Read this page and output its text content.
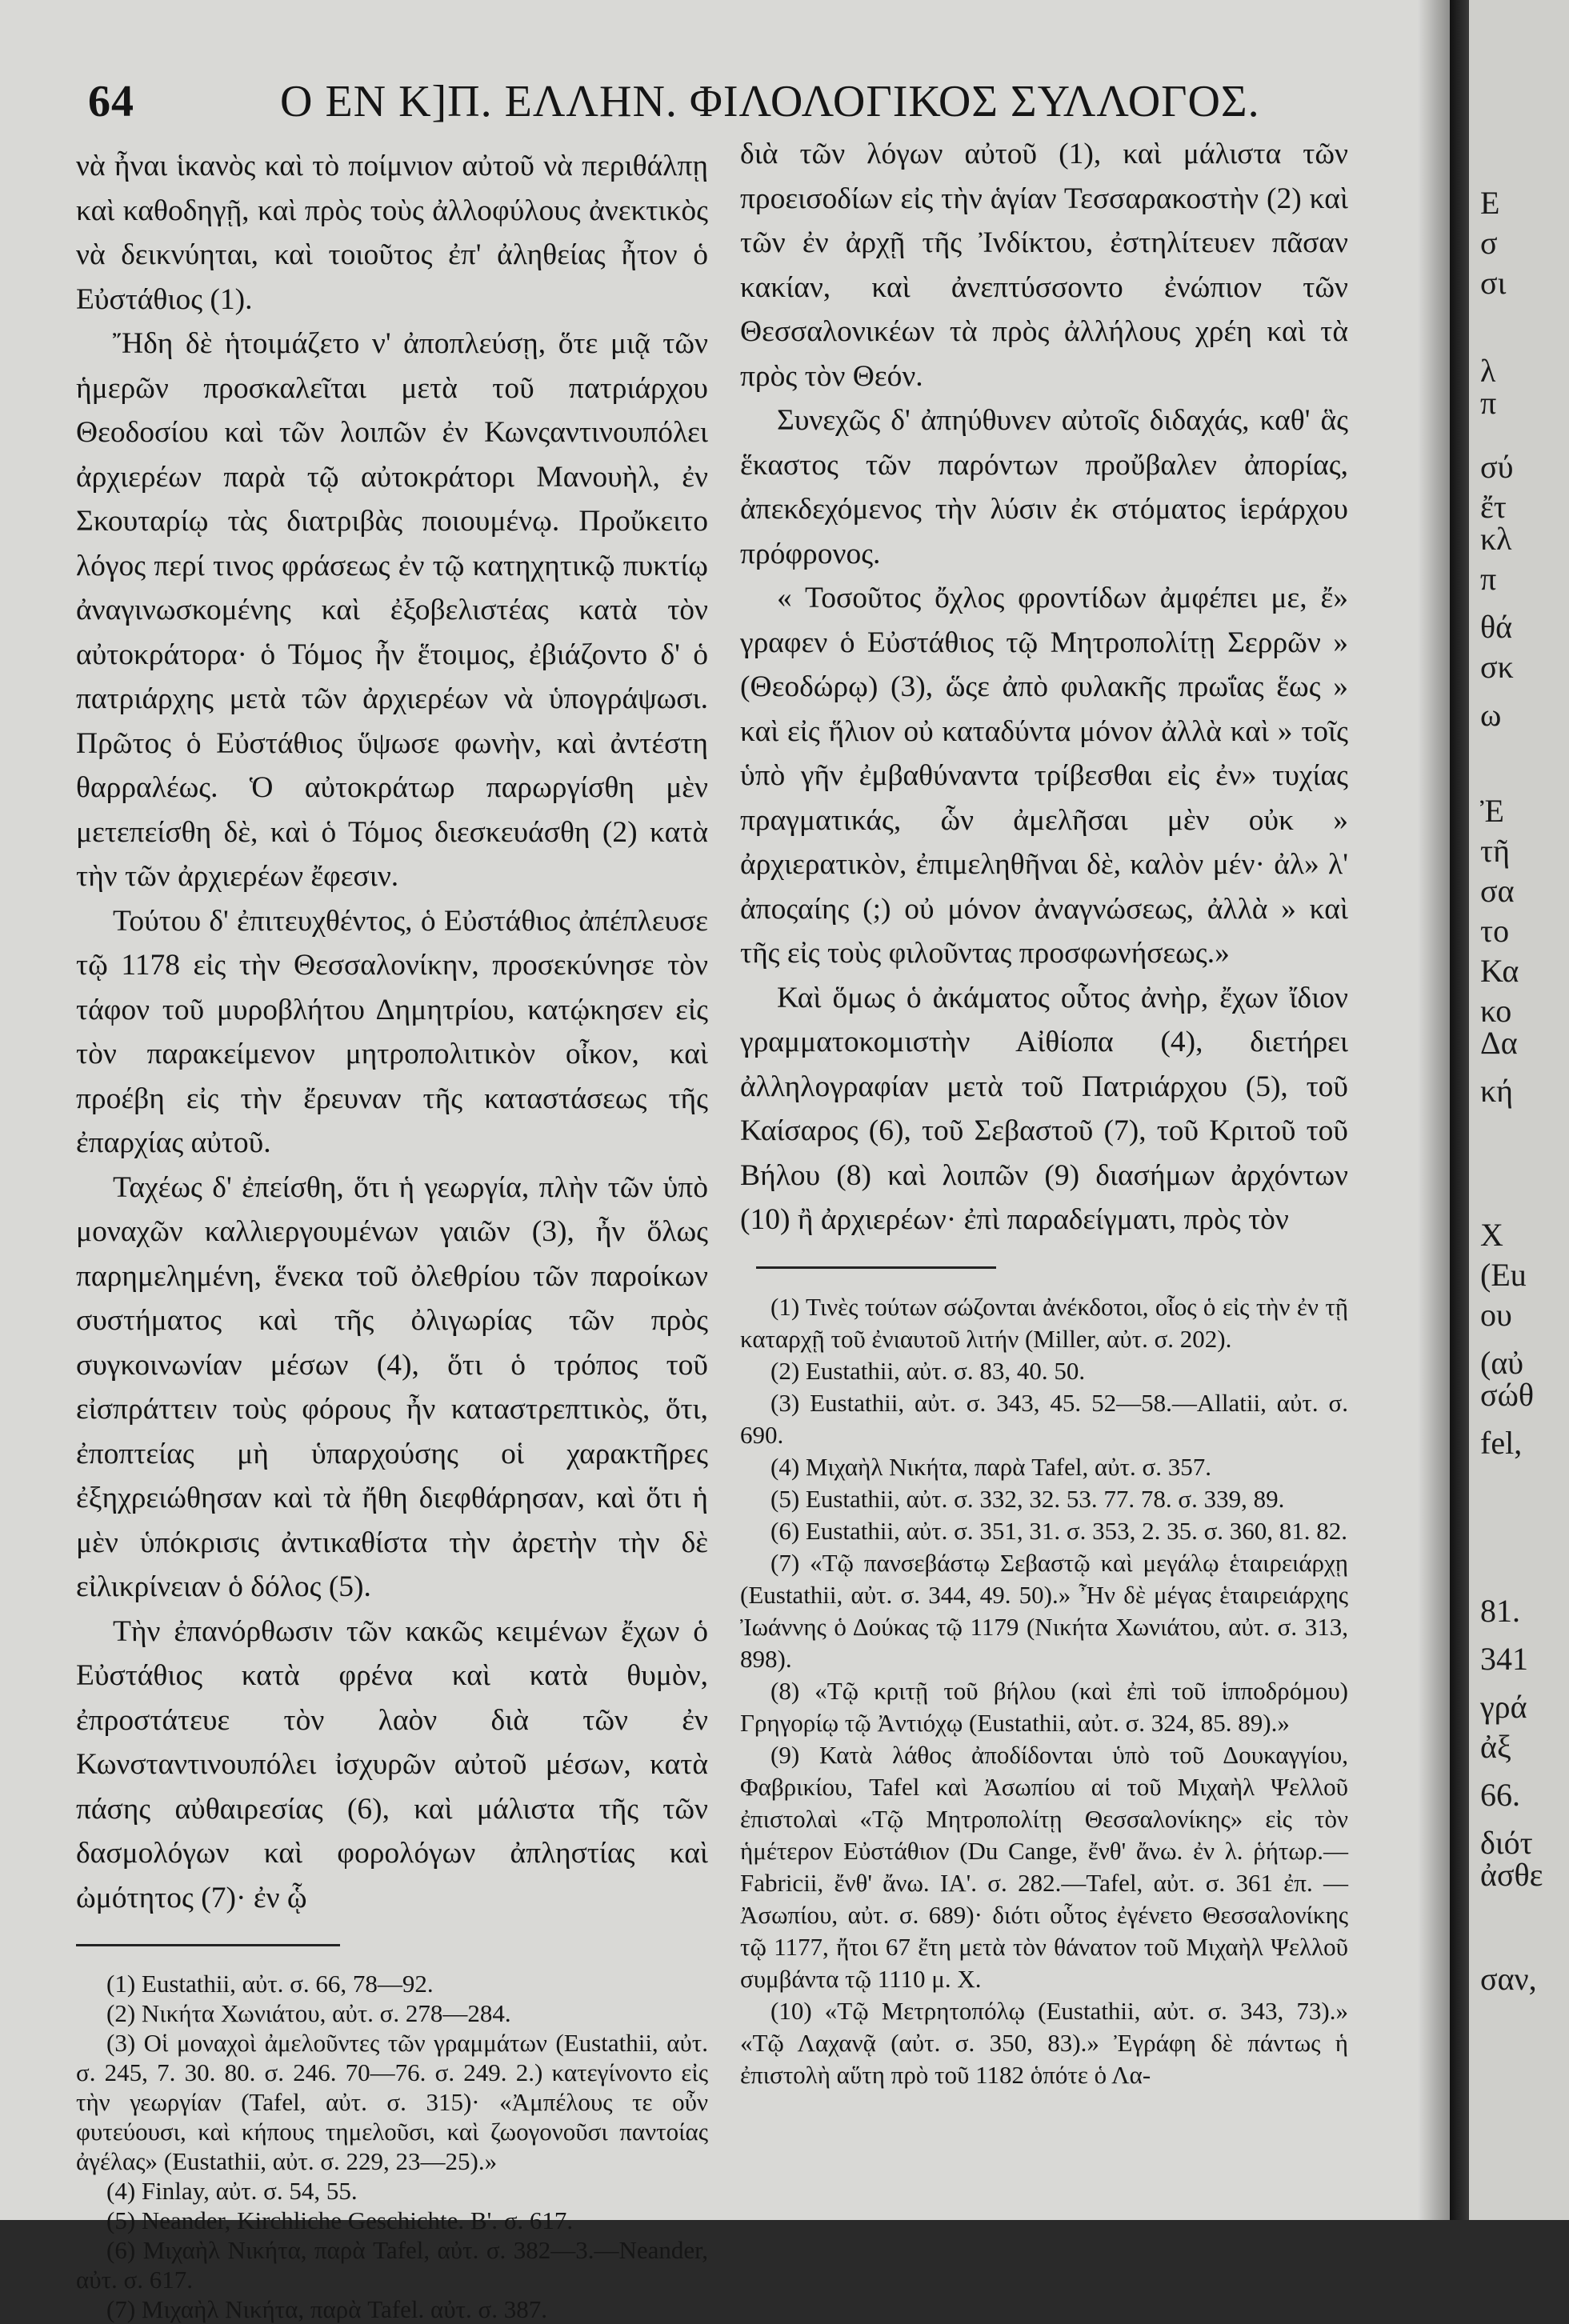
64	Ο ΕΝ Κ]Π. ΕΛΛΗΝ. ΦΙΛΟΛΟΓΙΚΟΣ ΣΥΛΛΟΓΟΣ.

νὰ ἦναι ἱκανὸς καὶ τὸ ποίμνιον αὐτοῦ νὰ περιθάλπῃ καὶ καθοδηγῇ, καὶ πρὸς τοὺς ἀλλοφύλους ἀνεκτικὸς νὰ δεικνύηται, καὶ τοιοῦτος ἐπ' ἀληθείας ἦτον ὁ Εὐστάθιος (1).

Ἤδη δὲ ἡτοιμάζετο ν' ἀποπλεύσῃ, ὅτε μιᾷ τῶν ἡμερῶν προσκαλεῖται μετὰ τοῦ πατριάρχου Θεοδοσίου καὶ τῶν λοιπῶν ἐν Κωνςαντινουπόλει ἀρχιερέων παρὰ τῷ αὐτοκράτορι Μανουὴλ, ἐν Σκουταρίῳ τὰς διατριβὰς ποιουμένῳ. Προὔκειτο λόγος περί τινος φράσεως ἐν τῷ κατηχητικῷ πυκτίῳ ἀναγινωσκομένης καὶ ἐξοβελιστέας κατὰ τὸν αὐτοκράτορα· ὁ Τόμος ἦν ἕτοιμος, ἐβιάζοντο δ' ὁ πατριάρχης μετὰ τῶν ἀρχιερέων νὰ ὑπογράψωσι. Πρῶτος ὁ Εὐστάθιος ὕψωσε φωνὴν, καὶ ἀντέστη θαρραλέως. Ὁ αὐτοκράτωρ παρωργίσθη μὲν μετεπείσθη δὲ, καὶ ὁ Τόμος διεσκευάσθη (2) κατὰ τὴν τῶν ἀρχιερέων ἔφεσιν.

Τούτου δ' ἐπιτευχθέντος, ὁ Εὐστάθιος ἀπέπλευσε τῷ 1178 εἰς τὴν Θεσσαλονίκην, προσεκύνησε τὸν τάφον τοῦ μυροβλήτου Δημητρίου, κατῴκησεν εἰς τὸν παρακείμενον μητροπολιτικὸν οἶκον, καὶ προέβη εἰς τὴν ἔρευναν τῆς καταστάσεως τῆς ἐπαρχίας αὐτοῦ.

Ταχέως δ' ἐπείσθη, ὅτι ἡ γεωργία, πλὴν τῶν ὑπὸ μοναχῶν καλλιεργουμένων γαιῶν (3), ἦν ὅλως παρημελημένη, ἕνεκα τοῦ ὀλεθρίου τῶν παροίκων συστήματος καὶ τῆς ὀλιγωρίας τῶν πρὸς συγκοινωνίαν μέσων (4), ὅτι ὁ τρόπος τοῦ εἰσπράττειν τοὺς φόρους ἦν καταστρεπτικὸς, ὅτι, ἐποπτείας μὴ ὑπαρχούσης οἱ χαρακτῆρες ἐξηχρειώθησαν καὶ τὰ ἤθη διεφθάρησαν, καὶ ὅτι ἡ μὲν ὑπόκρισις ἀντικαθίστα τὴν ἀρετὴν τὴν δὲ εἰλικρίνειαν ὁ δόλος (5).

Τὴν ἐπανόρθωσιν τῶν κακῶς κειμένων ἔχων ὁ Εὐστάθιος κατὰ φρένα καὶ κατὰ θυμὸν, ἐπροστάτευε τὸν λαὸν διὰ τῶν ἐν Κωνσταντινουπόλει ἰσχυρῶν αὐτοῦ μέσων, κατὰ πάσης αὐθαιρεσίας (6), καὶ μάλιστα τῆς τῶν δασμολόγων καὶ φορολόγων ἀπληστίας καὶ ὠμότητος (7)· ἐν ᾧ

(1) Eustathii, αὐτ. σ. 66, 78—92.

(2) Νικήτα Χωνιάτου, αὐτ. σ. 278—284.

(3) Οἱ μοναχοὶ ἀμελοῦντες τῶν γραμμάτων (Eustathii, αὐτ. σ. 245, 7. 30. 80. σ. 246. 70—76. σ. 249. 2.) κατεγίνοντο εἰς τὴν γεωργίαν (Tafel, αὐτ. σ. 315)· «Ἀμπέλους τε οὖν φυτεύουσι, καὶ κήπους τημελοῦσι, καὶ ζωογονοῦσι παντοίας ἀγέλας» (Eustathii, αὐτ. σ. 229, 23—25).»

(4) Finlay, αὐτ. σ. 54, 55.

(5) Neander, Kirchliche Geschichte. Β'. σ. 617.

(6) Μιχαὴλ Νικήτα, παρὰ Tafel, αὐτ. σ. 382—3.—Neander, αὐτ. σ. 617.

(7) Μιχαὴλ Νικήτα, παρὰ Tafel. αὐτ. σ. 387.

διὰ τῶν λόγων αὐτοῦ (1), καὶ μάλιστα τῶν προεισοδίων εἰς τὴν ἁγίαν Τεσσαρακοστὴν (2) καὶ τῶν ἐν ἀρχῇ τῆς Ἰνδίκτου, ἐστηλίτευεν πᾶσαν κακίαν, καὶ ἀνεπτύσσοντο ἐνώπιον τῶν Θεσσαλονικέων τὰ πρὸς ἀλλήλους χρέη καὶ τὰ πρὸς τὸν Θεόν.

Συνεχῶς δ' ἀπηύθυνεν αὐτοῖς διδαχάς, καθ' ἃς ἕκαστος τῶν παρόντων προὔβαλεν ἀπορίας, ἀπεκδεχόμενος τὴν λύσιν ἐκ στόματος ἱεράρχου πρόφρονος.

« Τοσοῦτος ὄχλος φροντίδων ἀμφέπει με, ἔ» γραφεν ὁ Εὐστάθιος τῷ Μητροπολίτῃ Σερρῶν » (Θεοδώρῳ) (3), ὥςε ἀπὸ φυλακῆς πρωΐας ἕως » καὶ εἰς ἥλιον οὐ καταδύντα μόνον ἀλλὰ καὶ » τοῖς ὑπὸ γῆν ἐμβαθύναντα τρίβεσθαι εἰς ἐν» τυχίας πραγματικάς, ὧν ἀμελῆσαι μὲν οὐκ » ἀρχιερατικὸν, ἐπιμεληθῆναι δὲ, καλὸν μέν· ἀλ» λ' ἀποςαίης (;) οὐ μόνον ἀναγνώσεως, ἀλλὰ » καὶ τῆς εἰς τοὺς φιλοῦντας προσφωνήσεως.»

Καὶ ὅμως ὁ ἀκάματος οὗτος ἀνὴρ, ἔχων ἴδιον γραμματοκομιστὴν Αἰθίοπα (4), διετήρει ἀλληλογραφίαν μετὰ τοῦ Πατριάρχου (5), τοῦ Καίσαρος (6), τοῦ Σεβαστοῦ (7), τοῦ Κριτοῦ τοῦ Βήλου (8) καὶ λοιπῶν (9) διασήμων ἀρχόντων (10) ἢ ἀρχιερέων· ἐπὶ παραδείγματι, πρὸς τὸν

(1) Τινὲς τούτων σώζονται ἀνέκδοτοι, οἷος ὁ εἰς τὴν ἐν τῇ καταρχῇ τοῦ ἐνιαυτοῦ λιτήν (Miller, αὐτ. σ. 202).

(2) Eustathii, αὐτ. σ. 83, 40. 50.

(3) Eustathii, αὐτ. σ. 343, 45. 52—58.—Allatii, αὐτ. σ. 690.

(4) Μιχαὴλ Νικήτα, παρὰ Tafel, αὐτ. σ. 357.

(5) Eustathii, αὐτ. σ. 332, 32. 53. 77. 78. σ. 339, 89.

(6) Eustathii, αὐτ. σ. 351, 31. σ. 353, 2. 35. σ. 360, 81. 82.

(7) «Τῷ πανσεβάστῳ Σεβαστῷ καὶ μεγάλῳ ἑταιρειάρχῃ (Eustathii, αὐτ. σ. 344, 49. 50).» Ἦν δὲ μέγας ἑταιρειάρχης Ἰωάννης ὁ Δούκας τῷ 1179 (Νικήτα Χωνιάτου, αὐτ. σ. 313, 898).

(8) «Τῷ κριτῇ τοῦ βήλου (καὶ ἐπὶ τοῦ ἱπποδρόμου) Γρηγορίῳ τῷ Ἀντιόχῳ (Eustathii, αὐτ. σ. 324, 85. 89).»

(9) Κατὰ λάθος ἀποδίδονται ὑπὸ τοῦ Δουκαγγίου, Φαβρικίου, Tafel καὶ Ἀσωπίου αἱ τοῦ Μιχαὴλ Ψελλοῦ ἐπιστολαὶ «Τῷ Μητροπολίτῃ Θεσσαλονίκης» εἰς τὸν ἡμέτερον Εὐστάθιον (Du Cange, ἔνθ' ἄνω. ἐν λ. ῥήτωρ.—Fabricii, ἔνθ' ἄνω. ΙΑ'. σ. 282.—Tafel, αὐτ. σ. 361 ἐπ. —Ἀσωπίου, αὐτ. σ. 689)· διότι οὗτος ἐγένετο Θεσσαλονίκης τῷ 1177, ἤτοι 67 ἔτη μετὰ τὸν θάνατον τοῦ Μιχαὴλ Ψελλοῦ συμβάντα τῷ 1110 μ. Χ.

(10) «Τῷ Μετρητοπόλῳ (Eustathii, αὐτ. σ. 343, 73).» «Τῷ Λαχανᾷ (αὐτ. σ. 350, 83).» Ἐγράφη δὲ πάντως ἡ ἐπιστολὴ αὕτη πρὸ τοῦ 1182 ὁπότε ὁ Λα-

Ε
σ
σι
λ
π
σύ
ἔτ
κλ
π
θά
σκ
ω
Ἐ
τῆ
σα
το
Κα
κο
Δα
κή
Χ
(Eu
ου
(αὐ
σώθ
fel,
81.
341
γρά
ἀξ
66.
διότ
ἀσθε
σαν,
